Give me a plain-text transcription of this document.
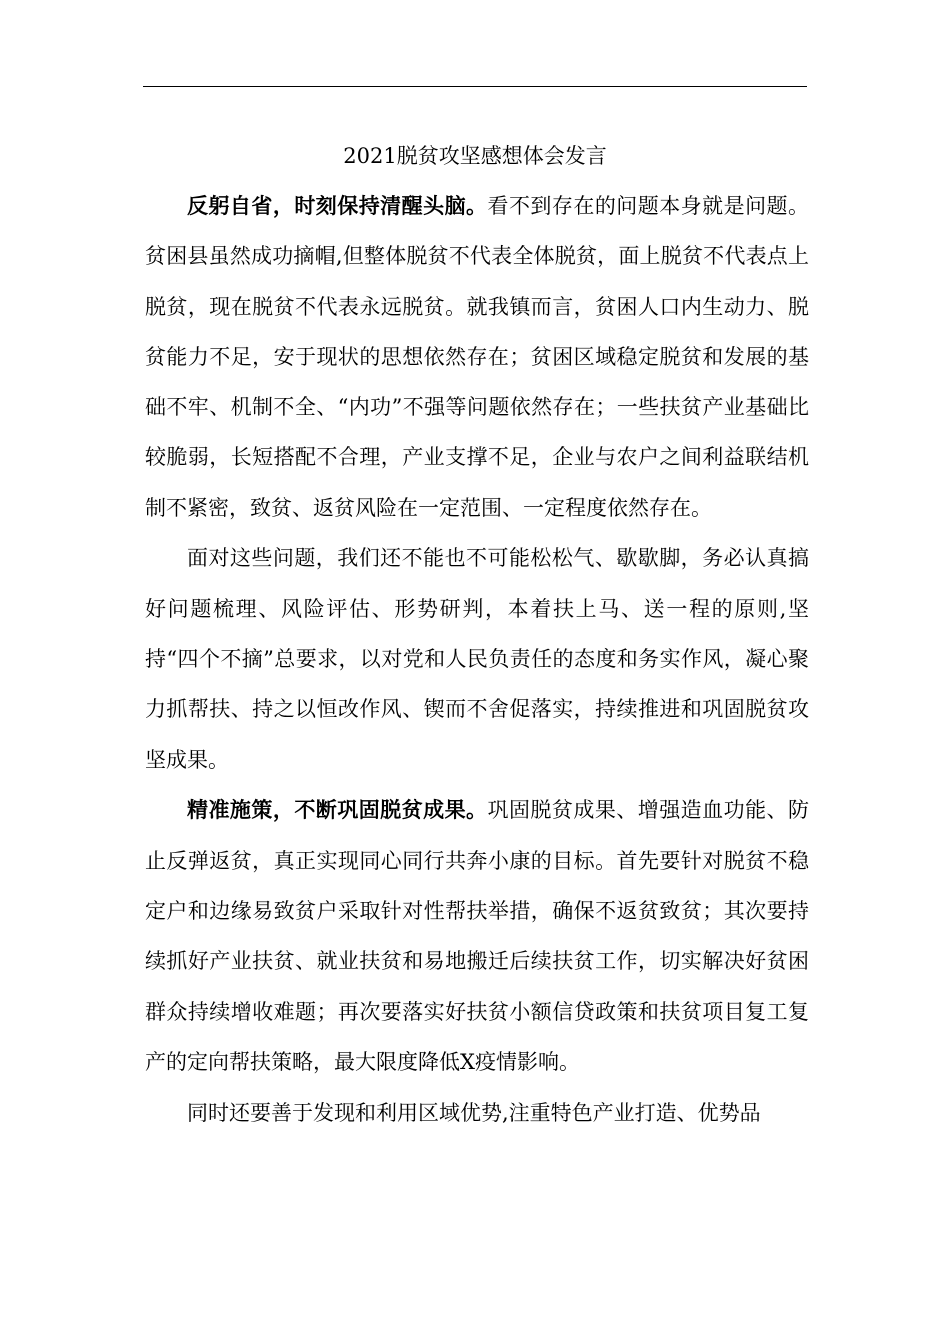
2021脱贫攻坚感想体会发言

反躬自省，时刻保持清醒头脑。看不到存在的问题本身就是问题。贫困县虽然成功摘帽,但整体脱贫不代表全体脱贫，面上脱贫不代表点上脱贫，现在脱贫不代表永远脱贫。就我镇而言，贫困人口内生动力、脱贫能力不足，安于现状的思想依然存在；贫困区域稳定脱贫和发展的基础不牢、机制不全、“内功”不强等问题依然存在；一些扶贫产业基础比较脆弱，长短搭配不合理，产业支撑不足，企业与农户之间利益联结机制不紧密，致贫、返贫风险在一定范围、一定程度依然存在。

面对这些问题，我们还不能也不可能松松气、歇歇脚，务必认真搞好问题梳理、风险评估、形势研判，本着扶上马、送一程的原则,坚持“四个不摘”总要求，以对党和人民负责任的态度和务实作风，凝心聚力抓帮扶、持之以恒改作风、锲而不舍促落实，持续推进和巩固脱贫攻坚成果。

精准施策，不断巩固脱贫成果。巩固脱贫成果、增强造血功能、防止反弹返贫，真正实现同心同行共奔小康的目标。首先要针对脱贫不稳定户和边缘易致贫户采取针对性帮扶举措，确保不返贫致贫；其次要持续抓好产业扶贫、就业扶贫和易地搬迁后续扶贫工作，切实解决好贫困群众持续增收难题；再次要落实好扶贫小额信贷政策和扶贫项目复工复产的定向帮扶策略，最大限度降低X疫情影响。

同时还要善于发现和利用区域优势,注重特色产业打造、优势品
